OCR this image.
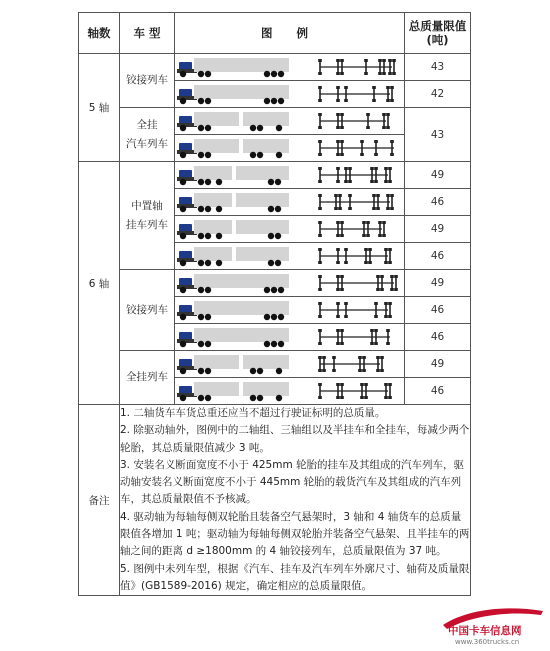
轴数	车 型	图 例	总质量限值
(吨)
5 轴	铰接列车		43

	42
	全挂
汽车列车		43

6 轴	中置轴
挂车列车		49

	46

	49

	46
	铰接列车		49

	46

	46
	全挂列车		49

	46
备注	1. 二轴货车车货总重还应当不超过行驶证标明的总质量。

2. 除驱动轴外，图例中的二轴组、三轴组以及半挂车和全挂车，每减少两个轮胎，其总质量限值减少 3 吨。

3. 安装名义断面宽度不小于 425mm 轮胎的挂车及其组成的汽车列车，驱动轴安装名义断面宽度不小于 445mm 轮胎的载货汽车及其组成的汽车列车，其总质量限值不予核减。

4. 驱动轴为每轴每侧双轮胎且装备空气悬架时，3 轴和 4 轴货车的总质量限值各增加 1 吨；驱动轴为每轴每侧双轮胎并装备空气悬架、且半挂车的两轴之间的距离 d ≥1800mm 的 4 轴铰接列车，总质量限值为 37 吨。

5. 图例中未列车型，根据《汽车、挂车及汽车列车外廓尺寸、轴荷及质量限值》(GB1589-2016) 规定，确定相应的总质量限值。		

中国卡车信息网
www.360trucks.cn
